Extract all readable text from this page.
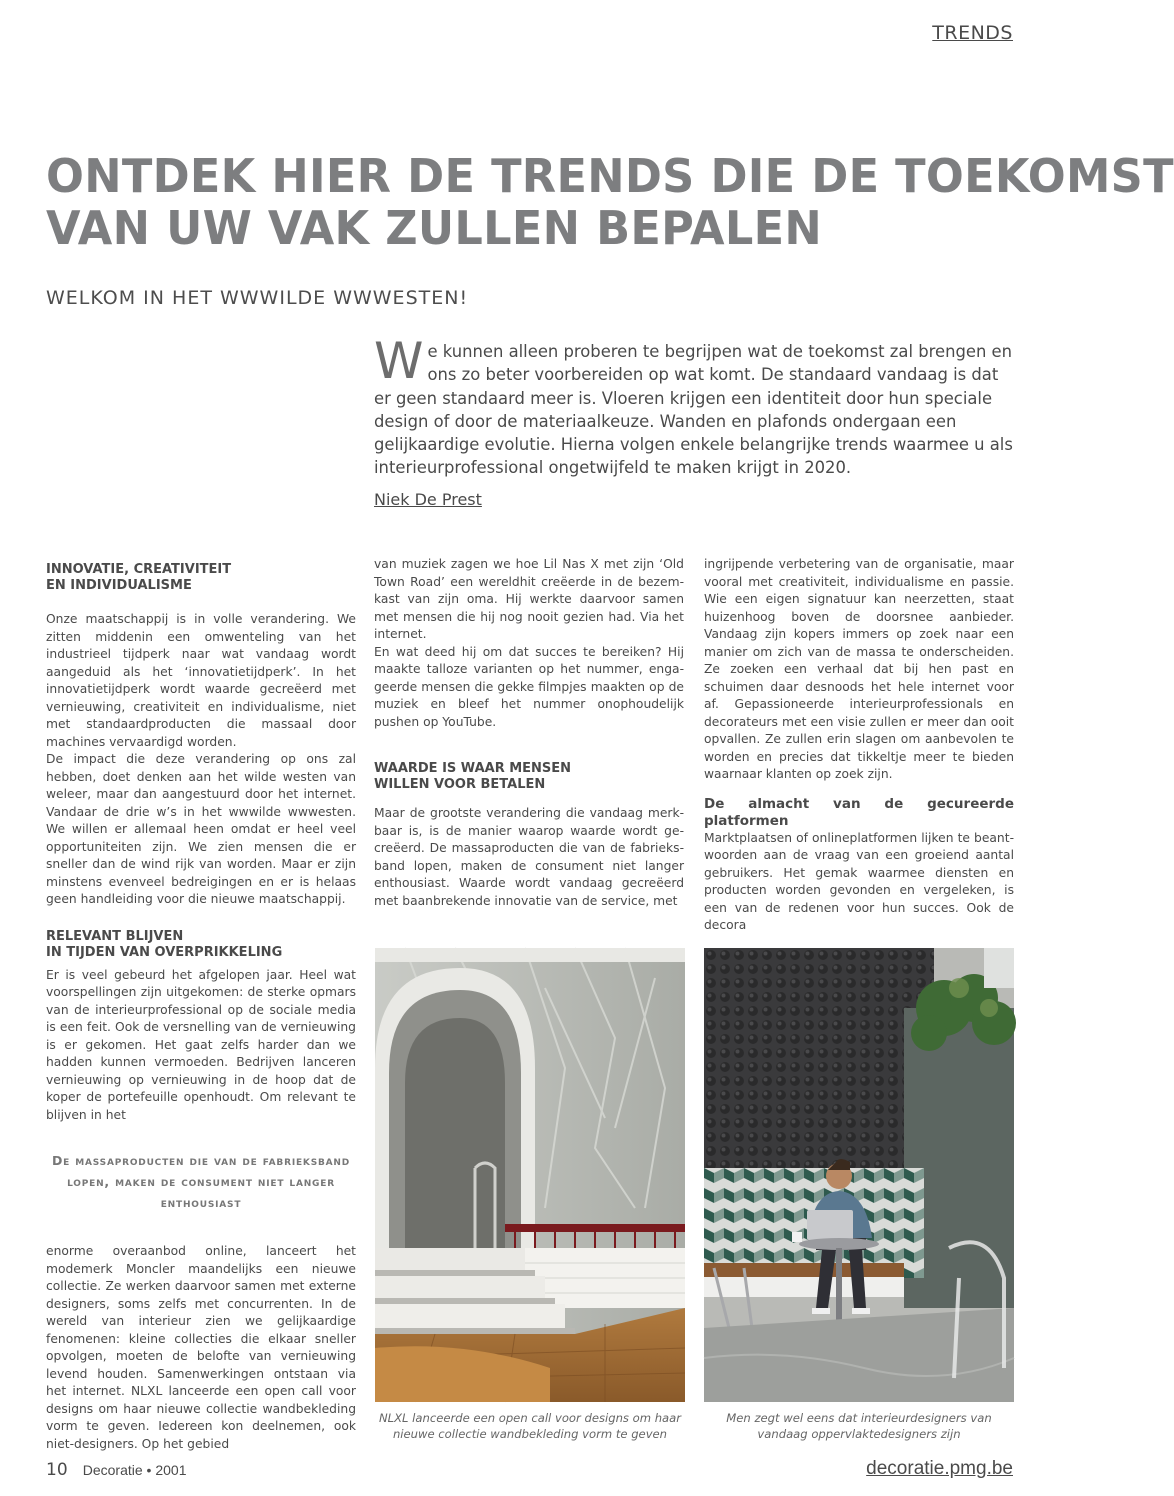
TRENDS
ONTDEK HIER DE TRENDS DIE DE TOEKOMST
VAN UW VAK ZULLEN BEPALEN
WELKOM IN HET WWWILDE WWWESTEN!
W e kunnen alleen proberen te begrijpen wat de toekomst zal brengen en ons zo beter voorbereiden op wat komt. De standaard vandaag is dat er geen standaard meer is. Vloeren krijgen een identiteit door hun speciale design of door de materiaalkeuze. Wanden en plafonds ondergaan een gelijkaardige evolutie. Hierna volgen enkele belangrijke trends waarmee u als interieurprofessional ongetwijfeld te maken krijgt in 2020.

Niek De Prest
INNOVATIE, CREATIVITEIT
EN INDIVIDUALISME

Onze maatschappij is in volle verandering. We zitten middenin een omwenteling van het industrieel tijdperk naar wat vandaag wordt aangeduid als het ‘innovatietijdperk’. In het innovatietijdperk wordt waarde gecreëerd met vernieuwing, creativiteit en individualisme, niet met standaardproducten die massaal door machines vervaardigd worden.

De impact die deze verandering op ons zal hebben, doet denken aan het wilde westen van weleer, maar dan aangestuurd door het internet. Vandaar de drie w’s in het wwwilde wwwesten. We willen er allemaal heen omdat er heel veel opportuniteiten zijn. We zien mensen die er sneller dan de wind rijk van worden. Maar er zijn minstens evenveel bedreigingen en er is helaas geen handleiding voor die nieuwe maatschappij.

RELEVANT BLIJVEN
IN TIJDEN VAN OVERPRIKKELING

Er is veel gebeurd het afgelopen jaar. Heel wat voorspellingen zijn uitgekomen: de sterke opmars van de interieurprofessional op de sociale media is een feit. Ook de versnelling van de vernieuwing is er gekomen. Het gaat zelfs harder dan we hadden kunnen vermoeden. Bedrijven lanceren vernieuwing op vernieuwing in de hoop dat de koper de portefeuille openhoudt. Om relevant te blijven in het

De massaproducten die van de fabrieksband lopen, maken de consument niet langer enthousiast

enorme overaanbod online, lanceert het modemerk Moncler maandelijks een nieuwe collectie. Ze werken daarvoor samen met externe designers, soms zelfs met concurrenten. In de wereld van interieur zien we gelijkaardige fenomenen: kleine collecties die elkaar sneller opvolgen, moeten de belofte van vernieuwing levend houden. Samenwerkingen ontstaan via het internet. NLXL lanceerde een open call voor designs om haar nieuwe collectie wandbekleding vorm te geven. Iedereen kon deelnemen, ook niet-designers. Op het gebied

van muziek zagen we hoe Lil Nas X met zijn ‘Old Town Road’ een wereldhit creëerde in de bezemkast van zijn oma. Hij werkte daarvoor samen met mensen die hij nog nooit gezien had. Via het internet.

En wat deed hij om dat succes te bereiken? Hij maakte talloze varianten op het nummer, engageerde mensen die gekke filmpjes maakten op de muziek en bleef het nummer onophoudelijk pushen op YouTube.

WAARDE IS WAAR MENSEN
WILLEN VOOR BETALEN

Maar de grootste verandering die vandaag merkbaar is, is de manier waarop waarde wordt gecreëerd. De massaproducten die van de fabrieksband lopen, maken de consument niet langer enthousiast. Waarde wordt vandaag gecreëerd met baanbrekende innovatie van de service, met

ingrijpende verbetering van de organisatie, maar vooral met creativiteit, individualisme en passie. Wie een eigen signatuur kan neerzetten, staat huizenhoog boven de doorsnee aanbieder. Vandaag zijn kopers immers op zoek naar een manier om zich van de massa te onderscheiden. Ze zoeken een verhaal dat bij hen past en schuimen daar desnoods het hele internet voor af. Gepassioneerde interieurprofessionals en decorateurs met een visie zullen er meer dan ooit opvallen. Ze zullen erin slagen om aanbevolen te worden en precies dat tikkeltje meer te bieden waarnaar klanten op zoek zijn.

De almacht van de gecureerde platformen

Marktplaatsen of onlineplatformen lijken te beantwoorden aan de vraag van een groeiend aantal gebruikers. Het gemak waarmee diensten en producten worden gevonden en vergeleken, is een van de redenen voor hun succes. Ook de decora

NLXL lanceerde een open call voor designs om haar nieuwe collectie wandbekleding vorm te geven
Men zegt wel eens dat interieurdesigners van vandaag oppervlaktedesigners zijn
10 Decoratie • 2001	decoratie.pmg.be
